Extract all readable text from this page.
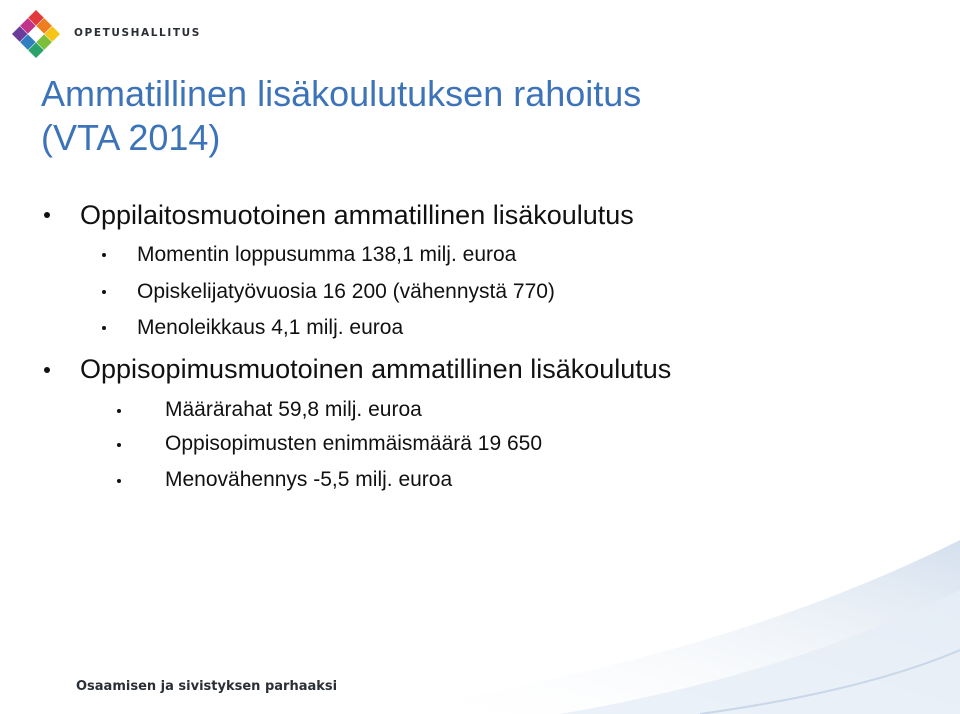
OPETUSHALLITUS
Ammatillinen lisäkoulutuksen rahoitus
(VTA 2014)
Oppilaitosmuotoinen ammatillinen lisäkoulutus
Momentin loppusumma 138,1 milj. euroa
Opiskelijatyövuosia 16 200 (vähennystä 770)
Menoleikkaus 4,1 milj. euroa
Oppisopimusmuotoinen ammatillinen lisäkoulutus
Määrärahat 59,8 milj. euroa
Oppisopimusten enimmäismäärä 19 650
Menovähennys -5,5 milj. euroa
Osaamisen ja sivistyksen parhaaksi
